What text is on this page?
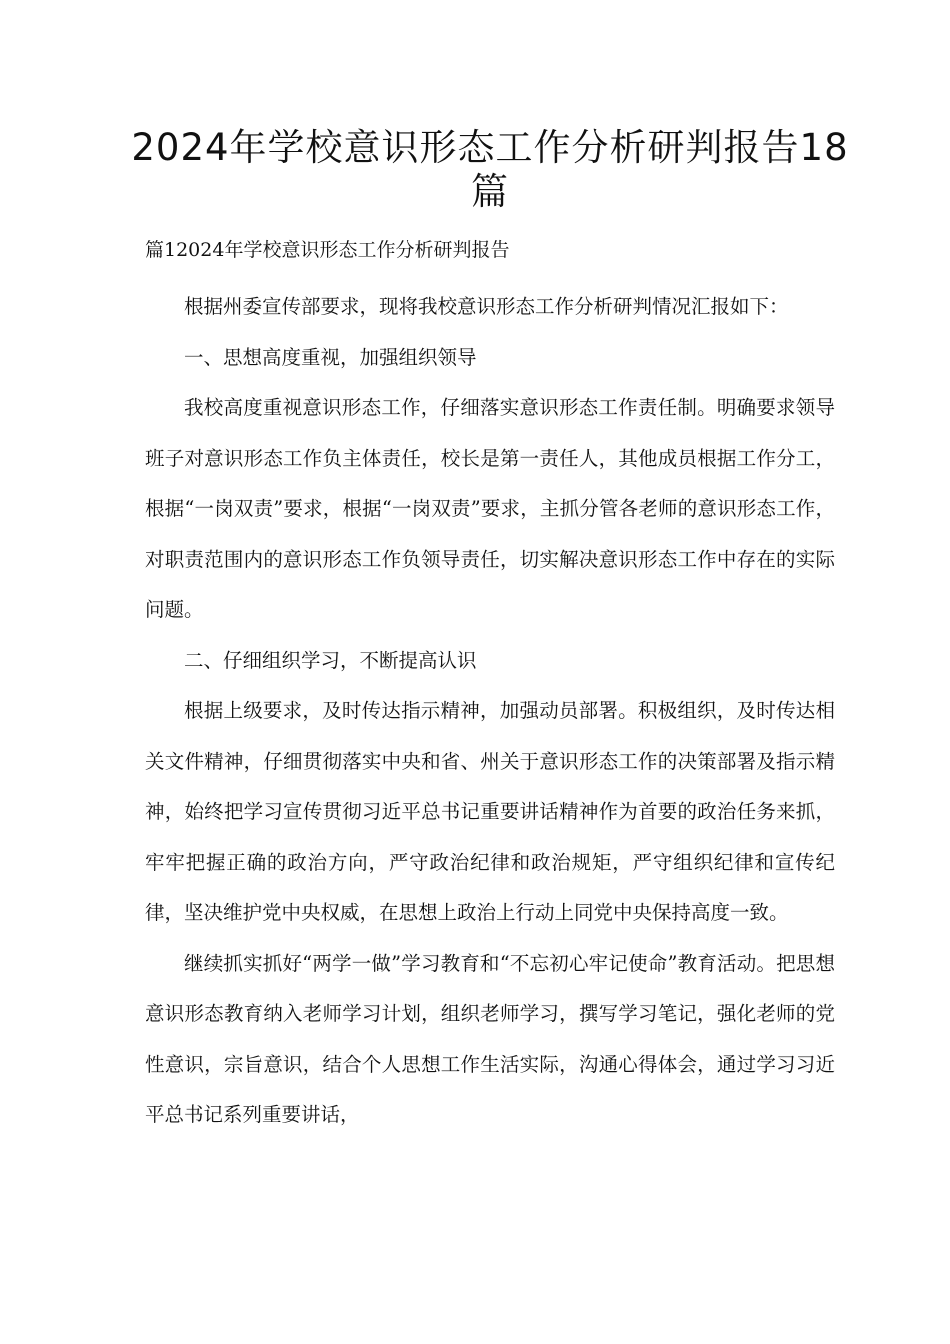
2024年学校意识形态工作分析研判报告18篇
篇12024年学校意识形态工作分析研判报告

根据州委宣传部要求，现将我校意识形态工作分析研判情况汇报如下：

一、思想高度重视，加强组织领导

我校高度重视意识形态工作，仔细落实意识形态工作责任制。明确要求领导班子对意识形态工作负主体责任，校长是第一责任人，其他成员根据工作分工，根据“一岗双责”要求，根据“一岗双责”要求，主抓分管各老师的意识形态工作，对职责范围内的意识形态工作负领导责任，切实解决意识形态工作中存在的实际问题。

二、仔细组织学习，不断提高认识

根据上级要求，及时传达指示精神，加强动员部署。积极组织，及时传达相关文件精神，仔细贯彻落实中央和省、州关于意识形态工作的决策部署及指示精神，始终把学习宣传贯彻习近平总书记重要讲话精神作为首要的政治任务来抓，牢牢把握正确的政治方向，严守政治纪律和政治规矩，严守组织纪律和宣传纪律，坚决维护党中央权威，在思想上政治上行动上同党中央保持高度一致。

继续抓实抓好“两学一做”学习教育和“不忘初心牢记使命”教育活动。把思想意识形态教育纳入老师学习计划，组织老师学习，撰写学习笔记，强化老师的党性意识，宗旨意识，结合个人思想工作生活实际，沟通心得体会，通过学习习近平总书记系列重要讲话，
